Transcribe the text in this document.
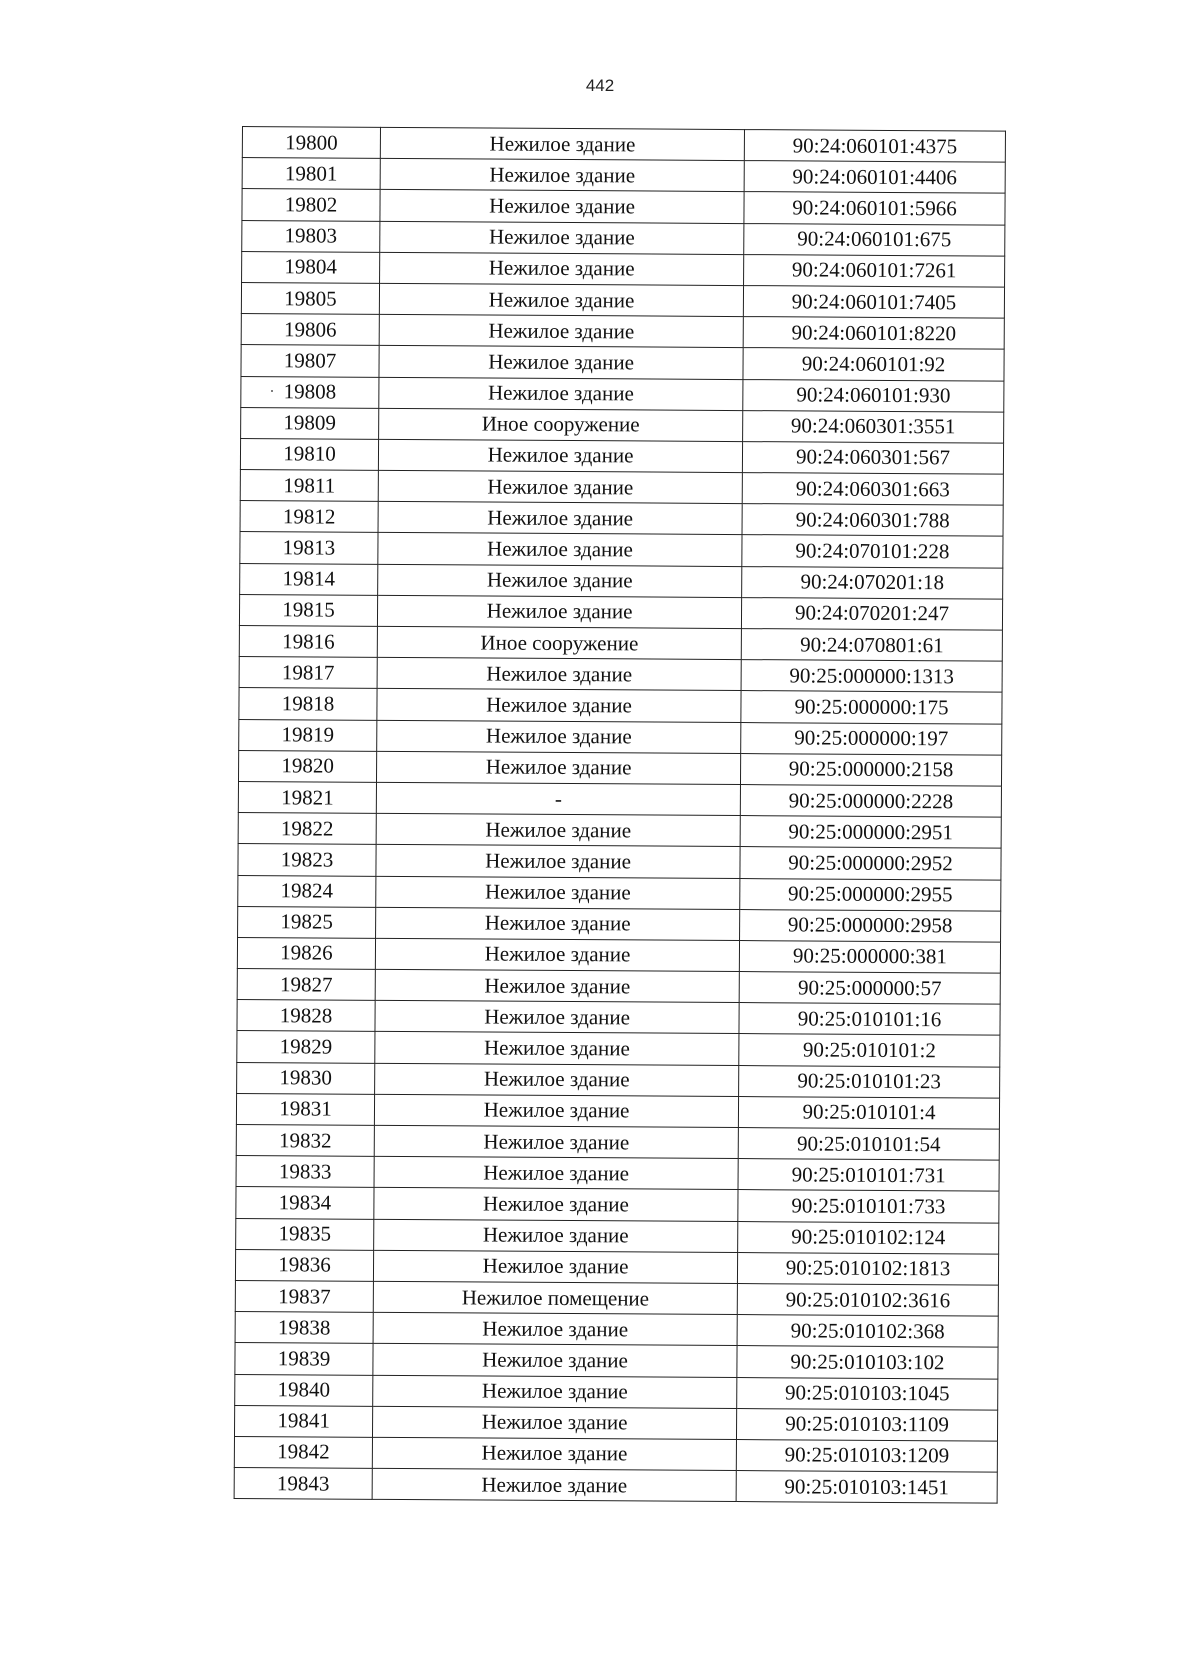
442
19800	Нежилое здание	90:24:060101:4375
19801	Нежилое здание	90:24:060101:4406
19802	Нежилое здание	90:24:060101:5966
19803	Нежилое здание	90:24:060101:675
19804	Нежилое здание	90:24:060101:7261
19805	Нежилое здание	90:24:060101:7405
19806	Нежилое здание	90:24:060101:8220
19807	Нежилое здание	90:24:060101:92
19808	Нежилое здание	90:24:060101:930
19809	Иное сооружение	90:24:060301:3551
19810	Нежилое здание	90:24:060301:567
19811	Нежилое здание	90:24:060301:663
19812	Нежилое здание	90:24:060301:788
19813	Нежилое здание	90:24:070101:228
19814	Нежилое здание	90:24:070201:18
19815	Нежилое здание	90:24:070201:247
19816	Иное сооружение	90:24:070801:61
19817	Нежилое здание	90:25:000000:1313
19818	Нежилое здание	90:25:000000:175
19819	Нежилое здание	90:25:000000:197
19820	Нежилое здание	90:25:000000:2158
19821	-	90:25:000000:2228
19822	Нежилое здание	90:25:000000:2951
19823	Нежилое здание	90:25:000000:2952
19824	Нежилое здание	90:25:000000:2955
19825	Нежилое здание	90:25:000000:2958
19826	Нежилое здание	90:25:000000:381
19827	Нежилое здание	90:25:000000:57
19828	Нежилое здание	90:25:010101:16
19829	Нежилое здание	90:25:010101:2
19830	Нежилое здание	90:25:010101:23
19831	Нежилое здание	90:25:010101:4
19832	Нежилое здание	90:25:010101:54
19833	Нежилое здание	90:25:010101:731
19834	Нежилое здание	90:25:010101:733
19835	Нежилое здание	90:25:010102:124
19836	Нежилое здание	90:25:010102:1813
19837	Нежилое помещение	90:25:010102:3616
19838	Нежилое здание	90:25:010102:368
19839	Нежилое здание	90:25:010103:102
19840	Нежилое здание	90:25:010103:1045
19841	Нежилое здание	90:25:010103:1109
19842	Нежилое здание	90:25:010103:1209
19843	Нежилое здание	90:25:010103:1451
